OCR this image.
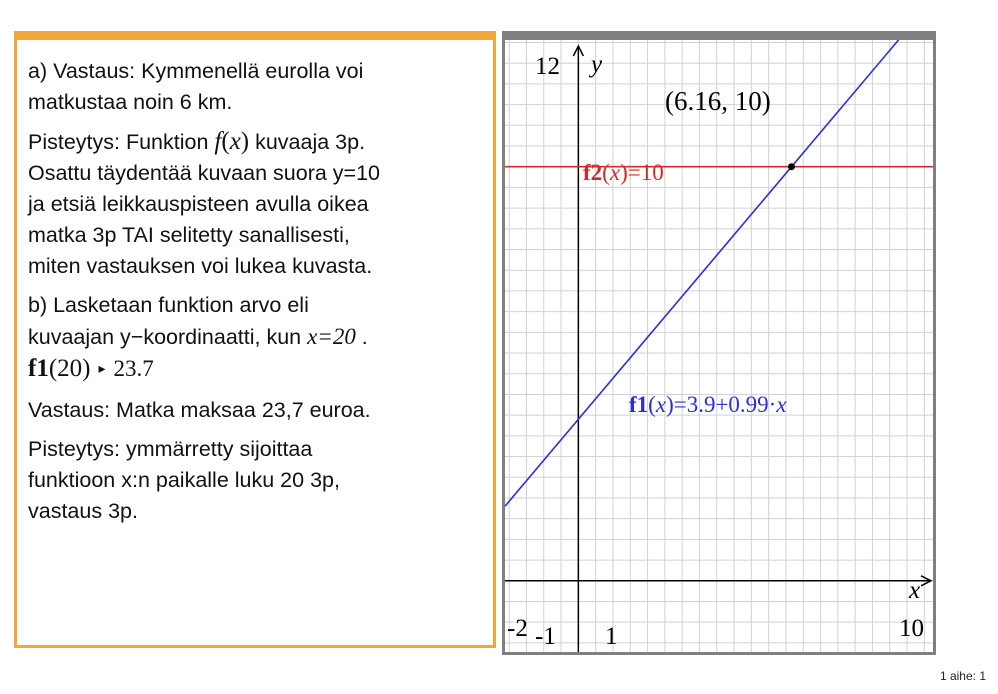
a) Vastaus: Kymmenellä eurolla voi
matkustaa noin 6 km.

Pisteytys: Funktion f(x) kuvaaja 3p.
Osattu täydentää kuvaan suora y=10
ja etsiä leikkauspisteen avulla oikea
matka 3p TAI selitetty sanallisesti,
miten vastauksen voi lukea kuvasta.

b) Lasketaan funktion arvo eli
kuvaajan y−koordinaatti, kun x=20 .

f1(20) ▸ 23.7

Vastaus: Matka maksaa 23,7 euroa.

Pisteytys: ymmärretty sijoittaa
funktioon x:n paikalle luku 20 3p,
vastaus 3p.

12 y
x
-2 -1 1	10
(6.16, 10)
f2(x)=10
f1(x)=3.9+0.99·x
1 aihe: 1
